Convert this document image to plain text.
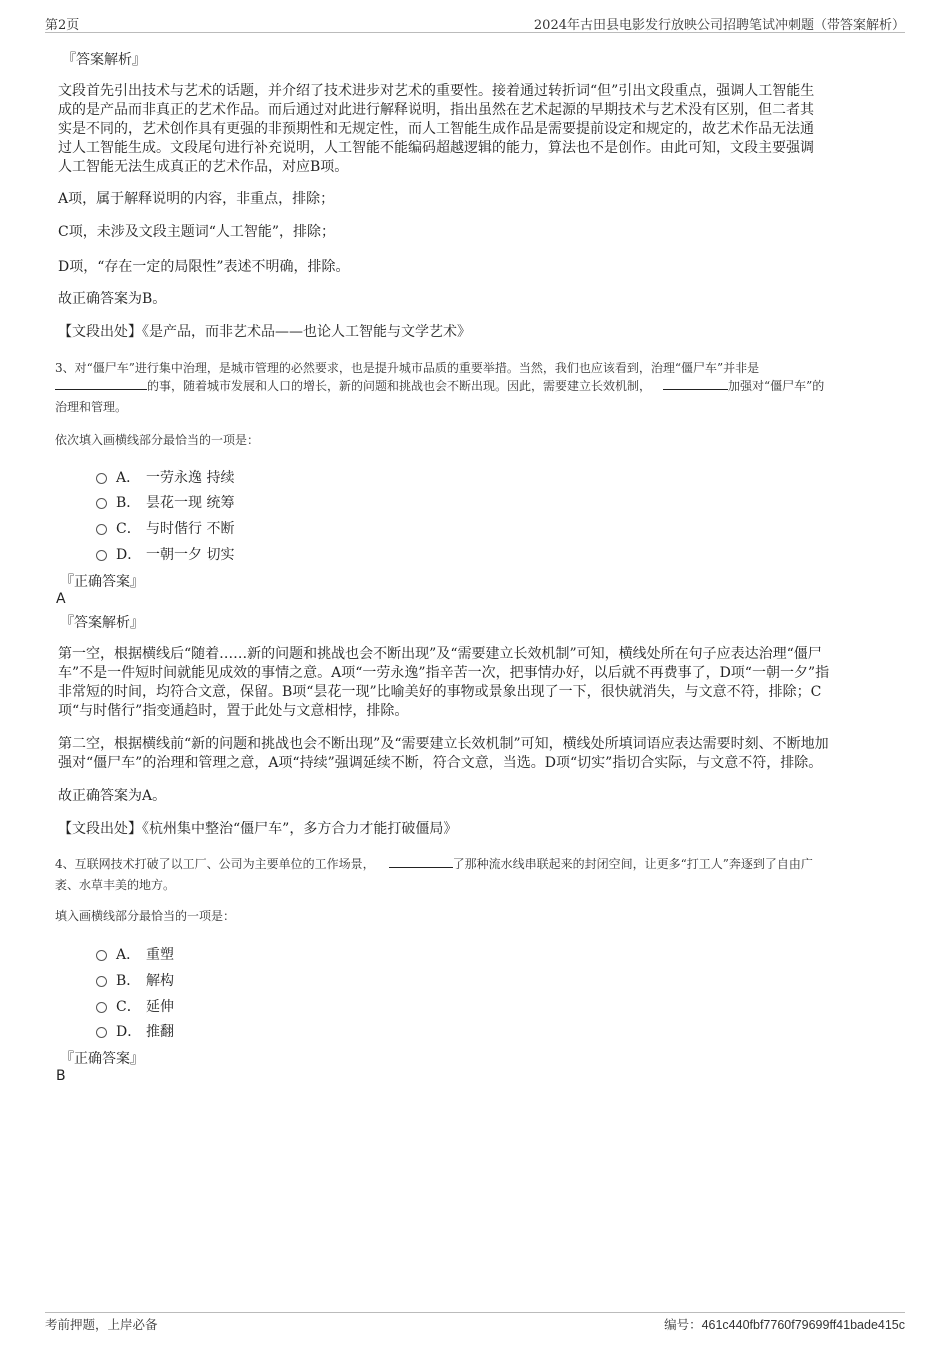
第2页	2024年古田县电影发行放映公司招聘笔试冲刺题（带答案解析）
『答案解析』
文段首先引出技术与艺术的话题，并介绍了技术进步对艺术的重要性。接着通过转折词“但”引出文段重点，强调人工智能生
成的是产品而非真正的艺术作品。而后通过对此进行解释说明，指出虽然在艺术起源的早期技术与艺术没有区别，但二者其
实是不同的，艺术创作具有更强的非预期性和无规定性，而人工智能生成作品是需要提前设定和规定的，故艺术作品无法通
过人工智能生成。文段尾句进行补充说明，人工智能不能编码超越逻辑的能力，算法也不是创作。由此可知，文段主要强调
人工智能无法生成真正的艺术作品，对应B项。
A项，属于解释说明的内容，非重点，排除；
C项，未涉及文段主题词“人工智能”，排除；
D项，“存在一定的局限性”表述不明确，排除。
故正确答案为B。
【文段出处】《是产品，而非艺术品——也论人工智能与文学艺术》
3、对“僵尸车”进行集中治理，是城市管理的必然要求，也是提升城市品质的重要举措。当然，我们也应该看到，治理“僵尸车”并非是
的事，随着城市发展和人口的增长，新的问题和挑战也会不断出现。因此，需要建立长效机制，	加强对“僵尸车”的
治理和管理。
依次填入画横线部分最恰当的一项是：
A． 一劳永逸 持续
B． 昙花一现 统筹
C． 与时偕行 不断
D． 一朝一夕 切实
『正确答案』
A
『答案解析』
第一空，根据横线后“随着……新的问题和挑战也会不断出现”及“需要建立长效机制”可知，横线处所在句子应表达治理“僵尸
车”不是一件短时间就能见成效的事情之意。A项“一劳永逸”指辛苦一次，把事情办好，以后就不再费事了，D项“一朝一夕”指
非常短的时间，均符合文意，保留。B项“昙花一现”比喻美好的事物或景象出现了一下，很快就消失，与文意不符，排除；C
项“与时偕行”指变通趋时，置于此处与文意相悖，排除。
第二空，根据横线前“新的问题和挑战也会不断出现”及“需要建立长效机制”可知，横线处所填词语应表达需要时刻、不断地加
强对“僵尸车”的治理和管理之意，A项“持续”强调延续不断，符合文意，当选。D项“切实”指切合实际，与文意不符，排除。
故正确答案为A。
【文段出处】《杭州集中整治“僵尸车”，多方合力才能打破僵局》
4、互联网技术打破了以工厂、公司为主要单位的工作场景，	了那种流水线串联起来的封闭空间，让更多“打工人”奔逐到了自由广
袤、水草丰美的地方。
填入画横线部分最恰当的一项是：
A． 重塑
B． 解构
C． 延伸
D． 推翻
『正确答案』
B
考前押题，上岸必备	编号：461c440fbf7760f79699ff41bade415c
